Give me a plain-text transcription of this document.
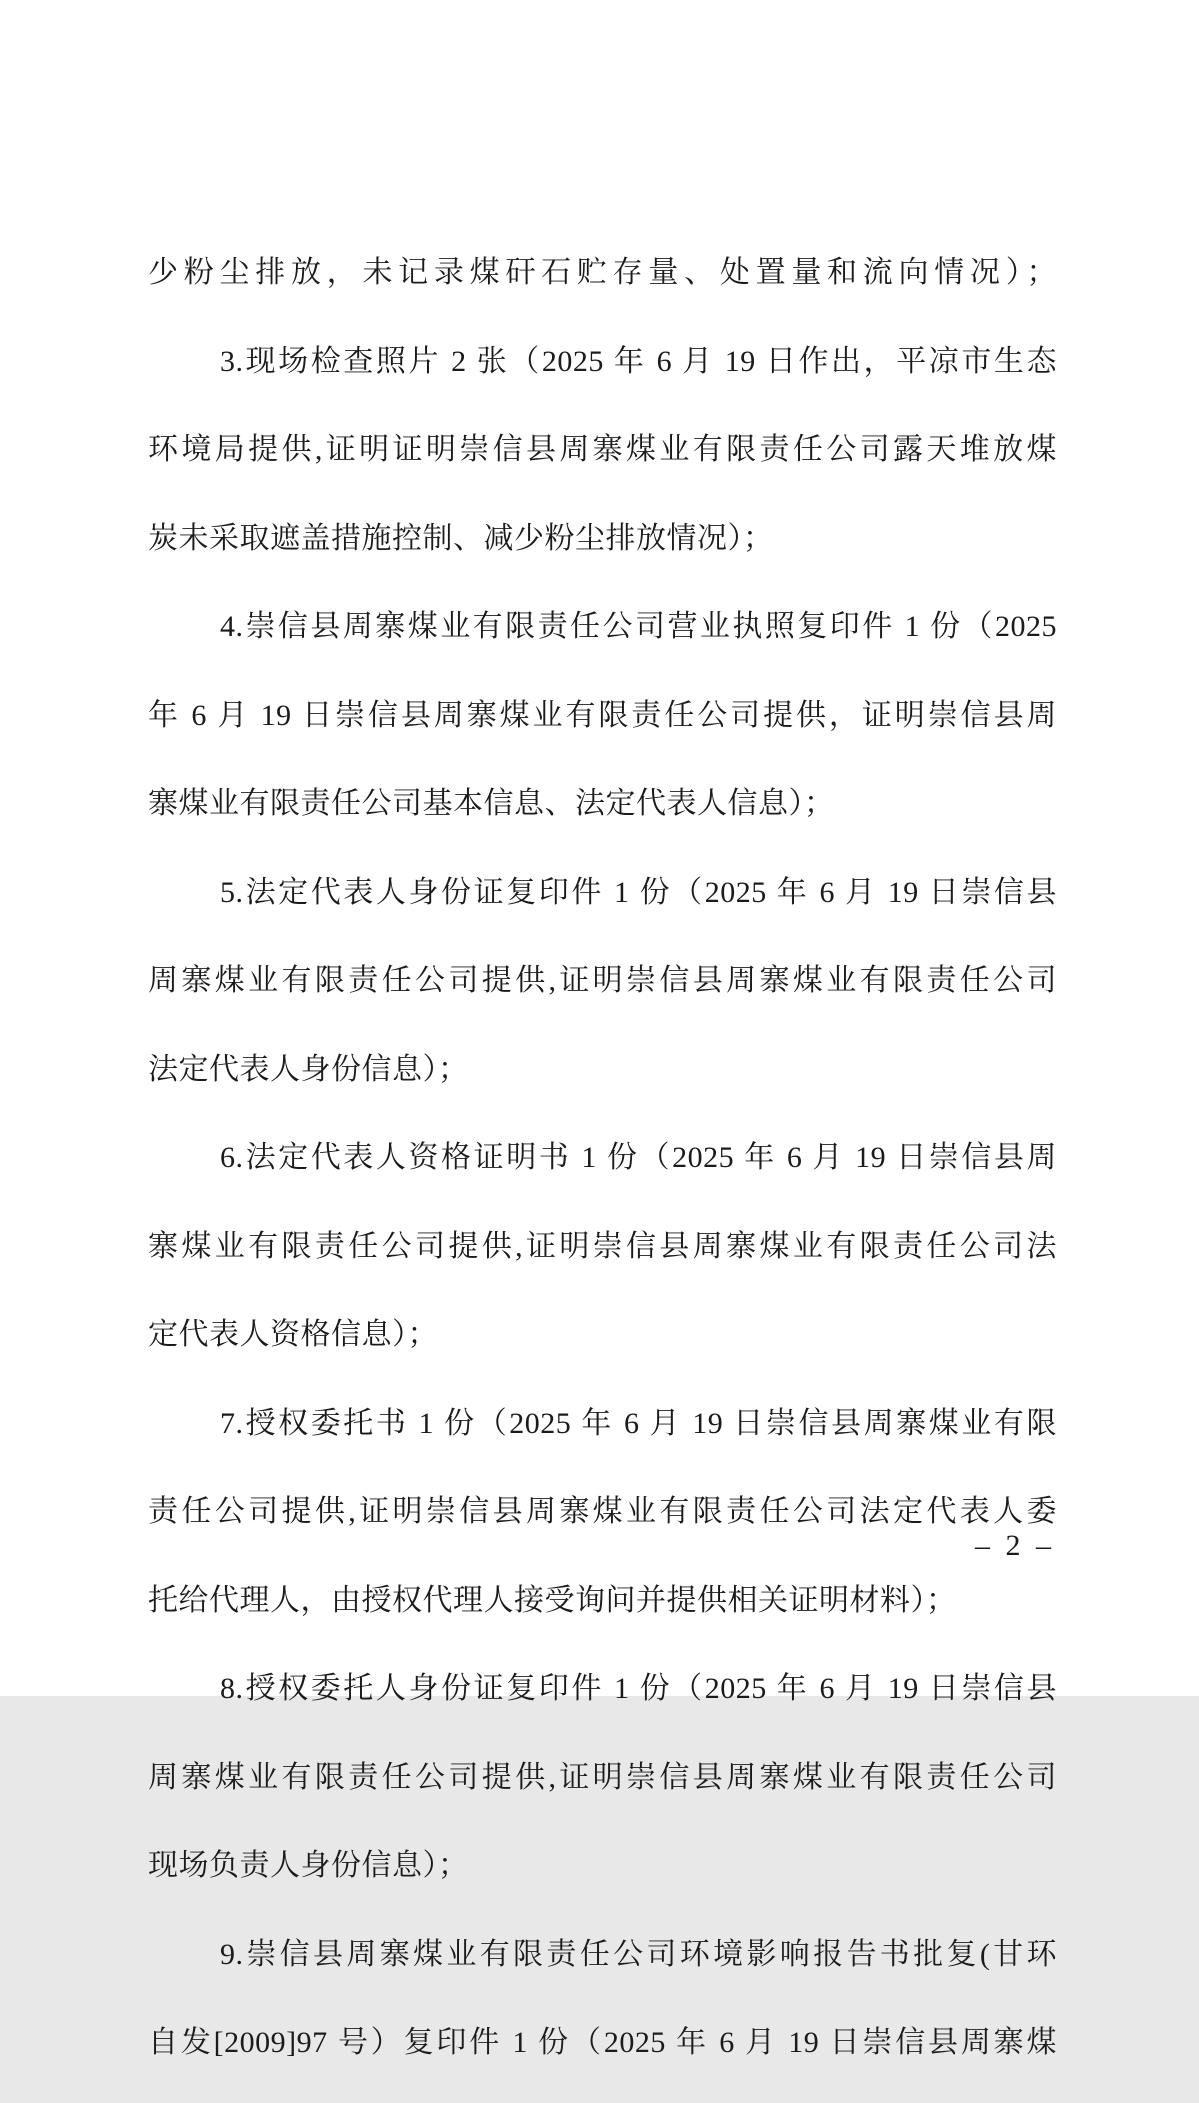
少粉尘排放，未记录煤矸石贮存量、处置量和流向情况）；

3.现场检查照片 2 张（2025 年 6 月 19 日作出，平凉市生态

环境局提供,证明证明崇信县周寨煤业有限责任公司露天堆放煤

炭未采取遮盖措施控制、减少粉尘排放情况）；

4.崇信县周寨煤业有限责任公司营业执照复印件 1 份（2025

年 6 月 19 日崇信县周寨煤业有限责任公司提供，证明崇信县周

寨煤业有限责任公司基本信息、法定代表人信息）；

5.法定代表人身份证复印件 1 份（2025 年 6 月 19 日崇信县

周寨煤业有限责任公司提供,证明崇信县周寨煤业有限责任公司

法定代表人身份信息）；

6.法定代表人资格证明书 1 份（2025 年 6 月 19 日崇信县周

寨煤业有限责任公司提供,证明崇信县周寨煤业有限责任公司法

定代表人资格信息）；

7.授权委托书 1 份（2025 年 6 月 19 日崇信县周寨煤业有限

责任公司提供,证明崇信县周寨煤业有限责任公司法定代表人委

托给代理人，由授权代理人接受询问并提供相关证明材料）；

8.授权委托人身份证复印件 1 份（2025 年 6 月 19 日崇信县

周寨煤业有限责任公司提供,证明崇信县周寨煤业有限责任公司

现场负责人身份信息）；

9.崇信县周寨煤业有限责任公司环境影响报告书批复(甘环

自发[2009]97 号）复印件 1 份（2025 年 6 月 19 日崇信县周寨煤

– 2 –
